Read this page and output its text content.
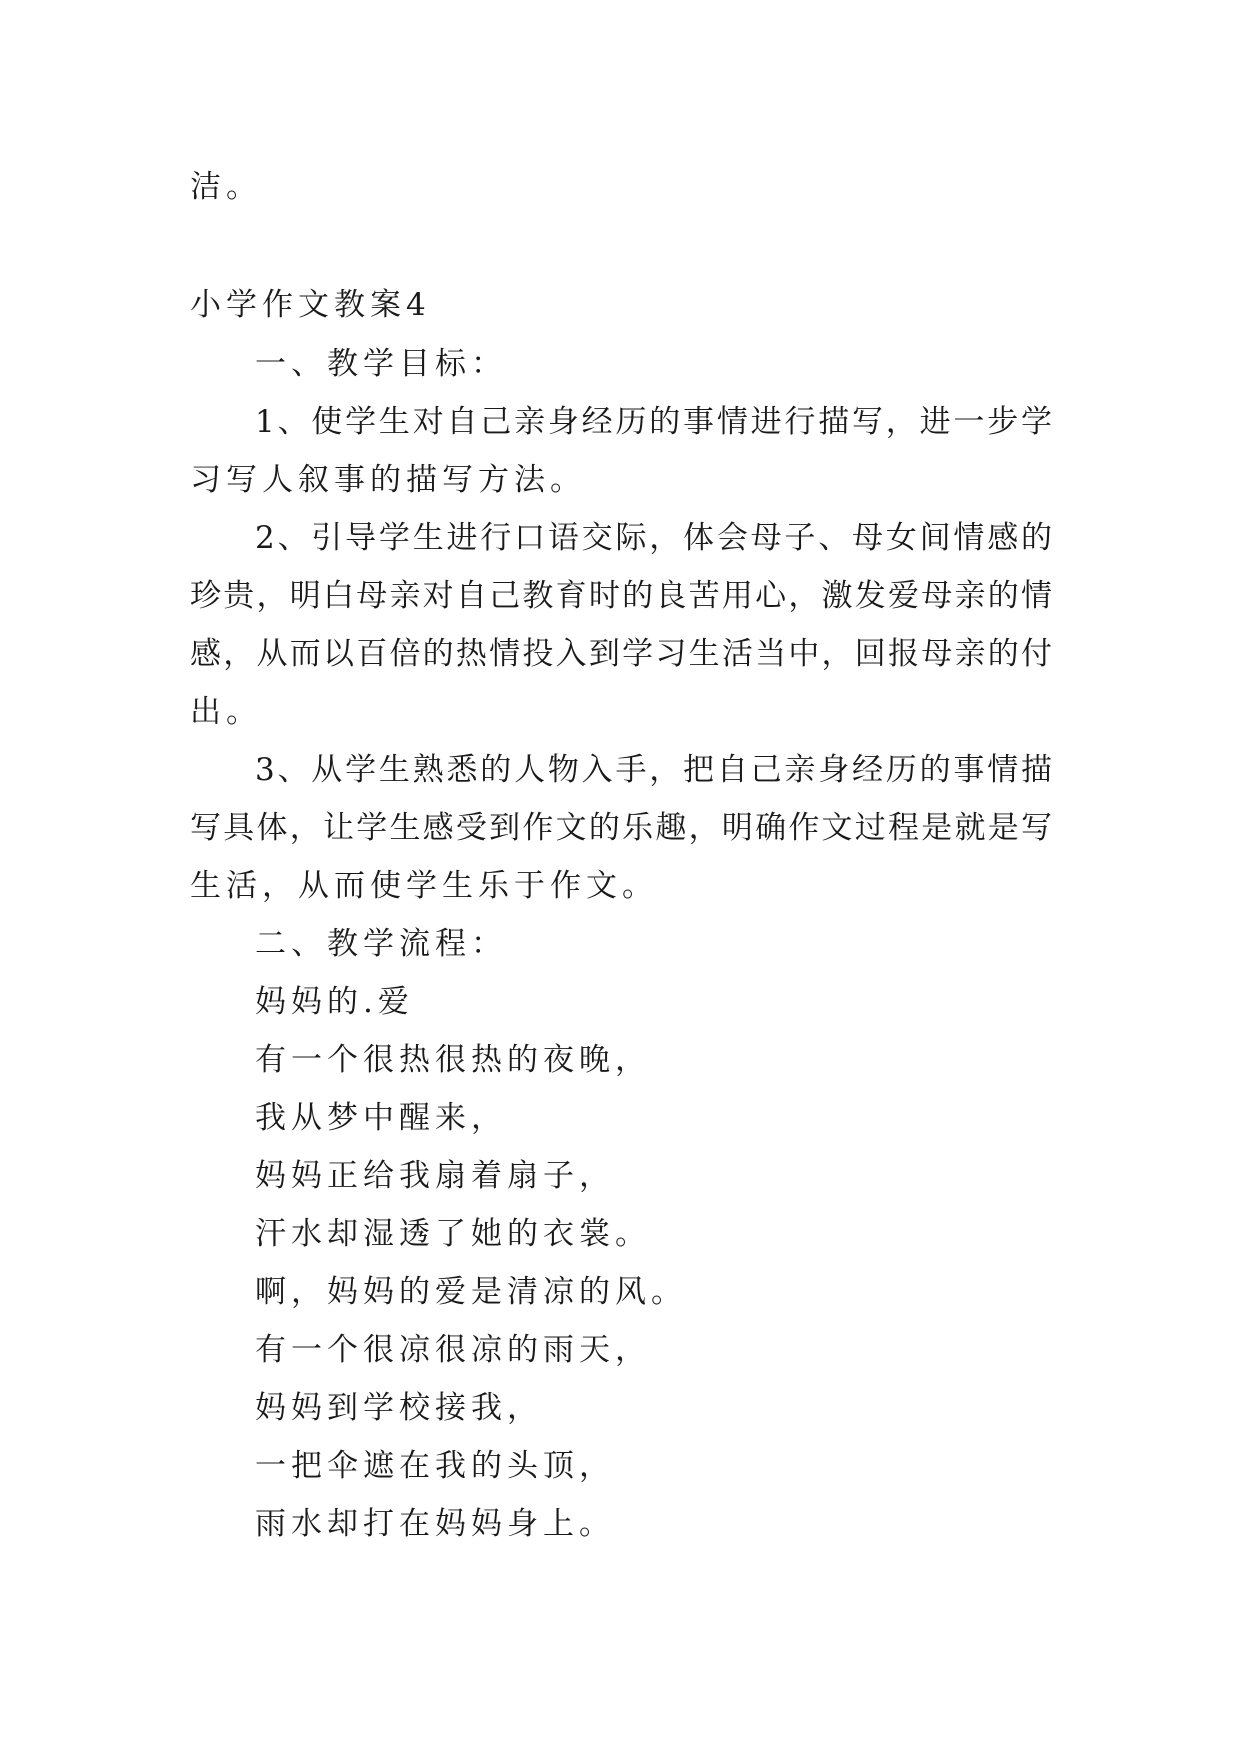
洁。
小学作文教案4
一、教学目标：
1、使学生对自己亲身经历的事情进行描写，进一步学
习写人叙事的描写方法。
2、引导学生进行口语交际，体会母子、母女间情感的
珍贵，明白母亲对自己教育时的良苦用心，激发爱母亲的情
感，从而以百倍的热情投入到学习生活当中，回报母亲的付
出。
3、从学生熟悉的人物入手，把自己亲身经历的事情描
写具体，让学生感受到作文的乐趣，明确作文过程是就是写
生活，从而使学生乐于作文。
二、教学流程：
妈妈的.爱
有一个很热很热的夜晚，
我从梦中醒来，
妈妈正给我扇着扇子，
汗水却湿透了她的衣裳。
啊，妈妈的爱是清凉的风。
有一个很凉很凉的雨天，
妈妈到学校接我，
一把伞遮在我的头顶，
雨水却打在妈妈身上。
